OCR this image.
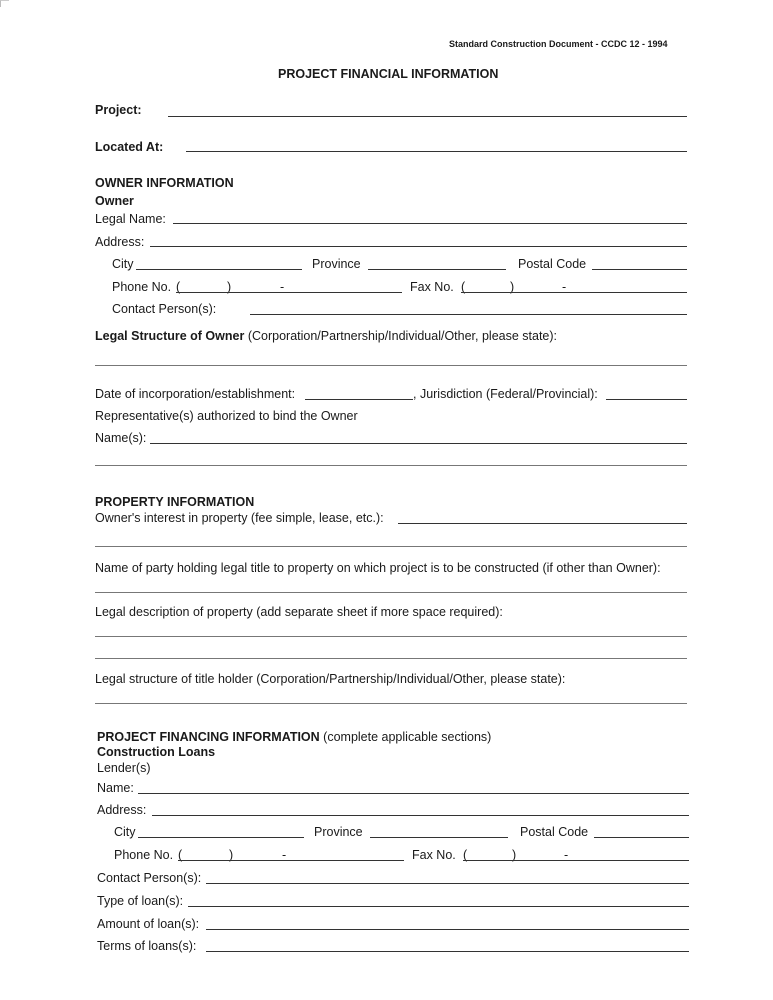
Standard Construction Document - CCDC 12 - 1994
PROJECT FINANCIAL INFORMATION
Project:
Located At:
OWNER INFORMATION
Owner
Legal Name:
Address:
City	Province	Postal Code
Phone No. (	)	-	Fax No. (	)	-
Contact Person(s):
Legal Structure of Owner (Corporation/Partnership/Individual/Other, please state):
Date of incorporation/establishment:	, Jurisdiction (Federal/Provincial):
Representative(s) authorized to bind the Owner
Name(s):
PROPERTY INFORMATION
Owner's interest in property (fee simple, lease, etc.):
Name of party holding legal title to property on which project is to be constructed (if other than Owner):
Legal description of property (add separate sheet if more space required):
Legal structure of title holder (Corporation/Partnership/Individual/Other, please state):
PROJECT FINANCING INFORMATION (complete applicable sections)
Construction Loans
Lender(s)
Name:
Address:
City	Province	Postal Code
Phone No. (	)	-	Fax No. (	)	-
Contact Person(s):
Type of loan(s):
Amount of loan(s):
Terms of loans(s):
